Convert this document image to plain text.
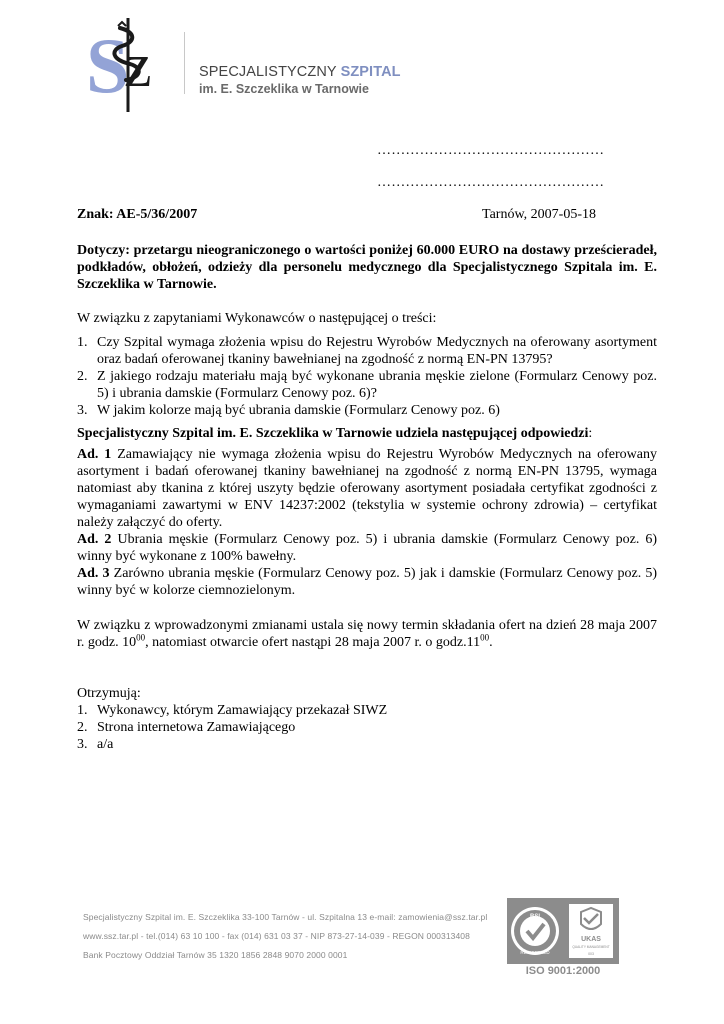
S
z	SPECJALISTYCZNY SZPITAL
im. E. Szczeklika w Tarnowie
…………………………………………
…………………………………………
Znak: AE-5/36/2007	Tarnów, 2007-05-18
Dotyczy: przetargu nieograniczonego o wartości poniżej 60.000 EURO na dostawy prześcieradeł, podkładów, obłożeń, odzieży dla personelu medycznego dla Specjalistycznego Szpitala im. E. Szczeklika w Tarnowie.
W związku z zapytaniami Wykonawców o następującej o treści:
1. Czy Szpital wymaga złożenia wpisu do Rejestru Wyrobów Medycznych na oferowany asortyment oraz badań oferowanej tkaniny bawełnianej na zgodność z normą EN-PN 13795?
2. Z jakiego rodzaju materiału mają być wykonane ubrania męskie zielone (Formularz Cenowy poz. 5) i ubrania damskie (Formularz Cenowy poz. 6)?
3. W jakim kolorze mają być ubrania damskie (Formularz Cenowy poz. 6)
Specjalistyczny Szpital im. E. Szczeklika w Tarnowie udziela następującej odpowiedzi:
Ad. 1 Zamawiający nie wymaga złożenia wpisu do Rejestru Wyrobów Medycznych na oferowany asortyment i badań oferowanej tkaniny bawełnianej na zgodność z normą EN-PN 13795, wymaga natomiast aby tkanina z której uszyty będzie oferowany asortyment posiadała certyfikat zgodności z wymaganiami zawartymi w ENV 14237:2002 (tekstylia w systemie ochrony zdrowia) – certyfikat należy załączyć do oferty.
Ad. 2 Ubrania męskie (Formularz Cenowy poz. 5) i ubrania damskie (Formularz Cenowy poz. 6) winny być wykonane z 100% bawełny.
Ad. 3 Zarówno ubrania męskie (Formularz Cenowy poz. 5) jak i damskie (Formularz Cenowy poz. 5) winny być w kolorze ciemnozielonym.
W związku z wprowadzonymi zmianami ustala się nowy termin składania ofert na dzień 28 maja 2007 r. godz. $10^{00}$, natomiast otwarcie ofert nastąpi 28 maja 2007 r. o $godz.11^{00}$.
Otrzymują:
1. Wykonawcy, którym Zamawiający przekazał SIWZ
2. Strona internetowa Zamawiającego
3. a/a
Specjalistyczny Szpital im. E. Szczeklika 33-100 Tarnów - ul. Szpitalna 13 e-mail: zamowienia@ssz.tar.pl
www.ssz.tar.pl - tel.(014) 63 10 100 - fax (014) 631 03 37 - NIP 873-27-14-039 - REGON 000313408
Bank Pocztowy Oddział Tarnów 35 1320 1856 2848 9070 2000 0001
BSI
REGISTERED
UKAS
QUALITY MANAGEMENT
003
ISO 9001:2000
